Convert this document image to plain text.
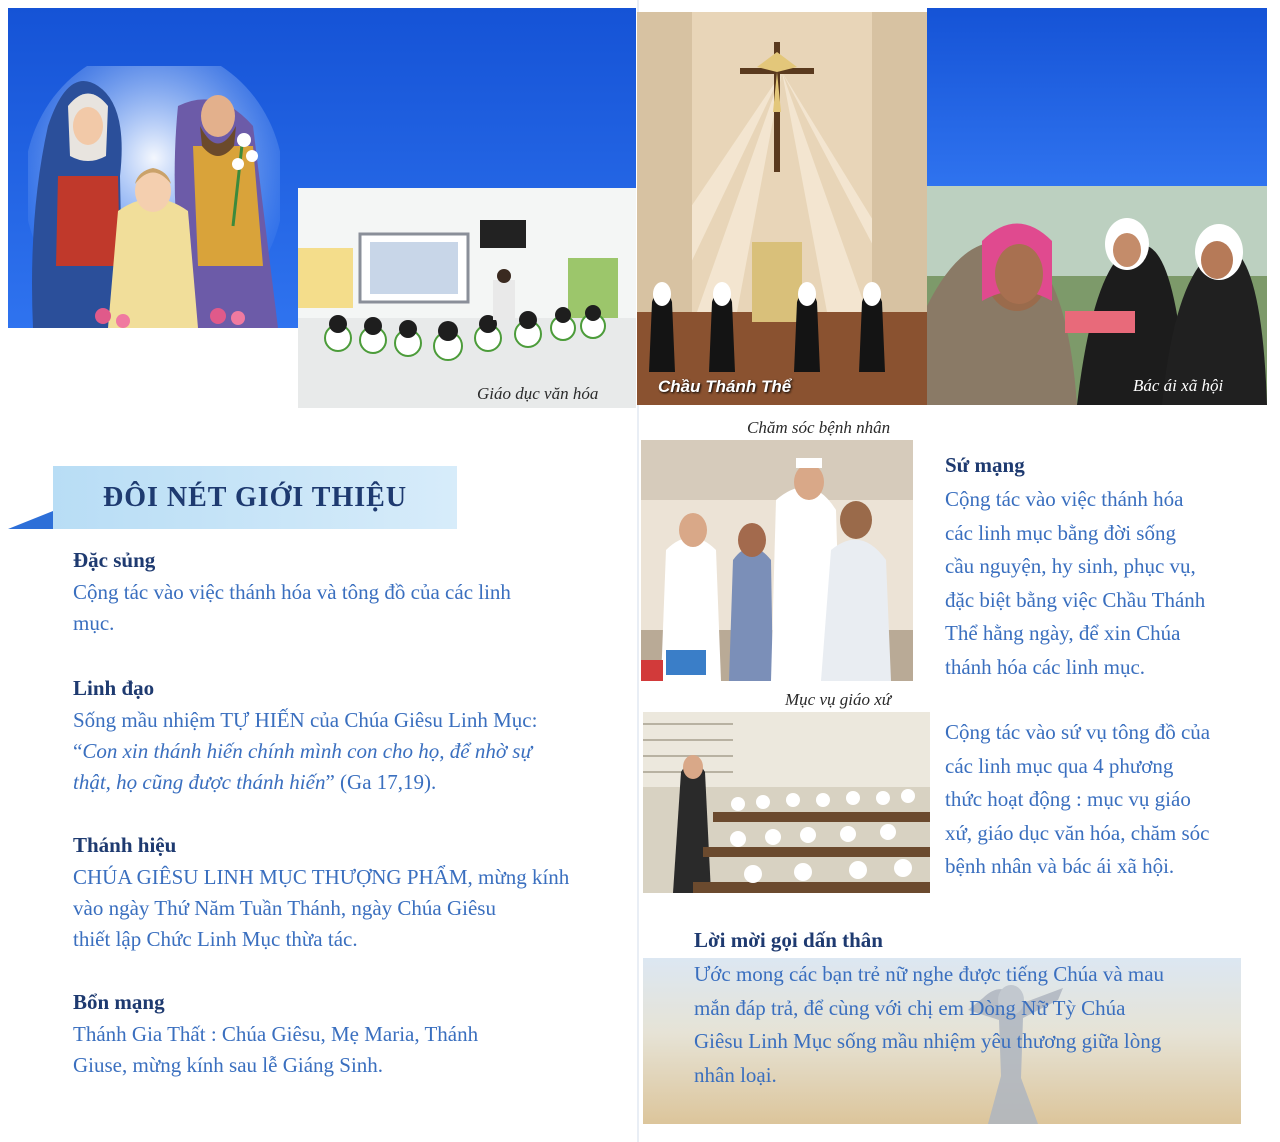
Giáo dục văn hóa	Chầu Thánh Thể	Bác ái xã hội
Chăm sóc bệnh nhân
Mục vụ giáo xứ
ĐÔI NÉT GIỚI THIỆU
Đặc sủng
Cộng tác vào việc thánh hóa và tông đồ của các linh
mục.
Linh đạo
Sống mầu nhiệm TỰ HIẾN của Chúa Giêsu Linh Mục:
“Con xin thánh hiến chính mình con cho họ, để nhờ sự
thật, họ cũng được thánh hiến” (Ga 17,19).
Thánh hiệu
CHÚA GIÊSU LINH MỤC THƯỢNG PHẨM, mừng kính
vào ngày Thứ Năm Tuần Thánh, ngày Chúa Giêsu
thiết lập Chức Linh Mục thừa tác.
Bổn mạng
Thánh Gia Thất : Chúa Giêsu, Mẹ Maria, Thánh
Giuse, mừng kính sau lễ Giáng Sinh.
Sứ mạng
Cộng tác vào việc thánh hóa
các linh mục bằng đời sống
cầu nguyện, hy sinh, phục vụ,
đặc biệt bằng việc Chầu Thánh
Thể hằng ngày, để xin Chúa
thánh hóa các linh mục.
Cộng tác vào sứ vụ tông đồ của
các linh mục qua 4 phương
thức hoạt động : mục vụ giáo
xứ, giáo dục văn hóa, chăm sóc
bệnh nhân và bác ái xã hội.
Lời mời gọi dấn thân
Ước mong các bạn trẻ nữ nghe được tiếng Chúa và mau
mắn đáp trả, để cùng với chị em Dòng Nữ Tỳ Chúa
Giêsu Linh Mục sống mầu nhiệm yêu thương giữa lòng
nhân loại.
